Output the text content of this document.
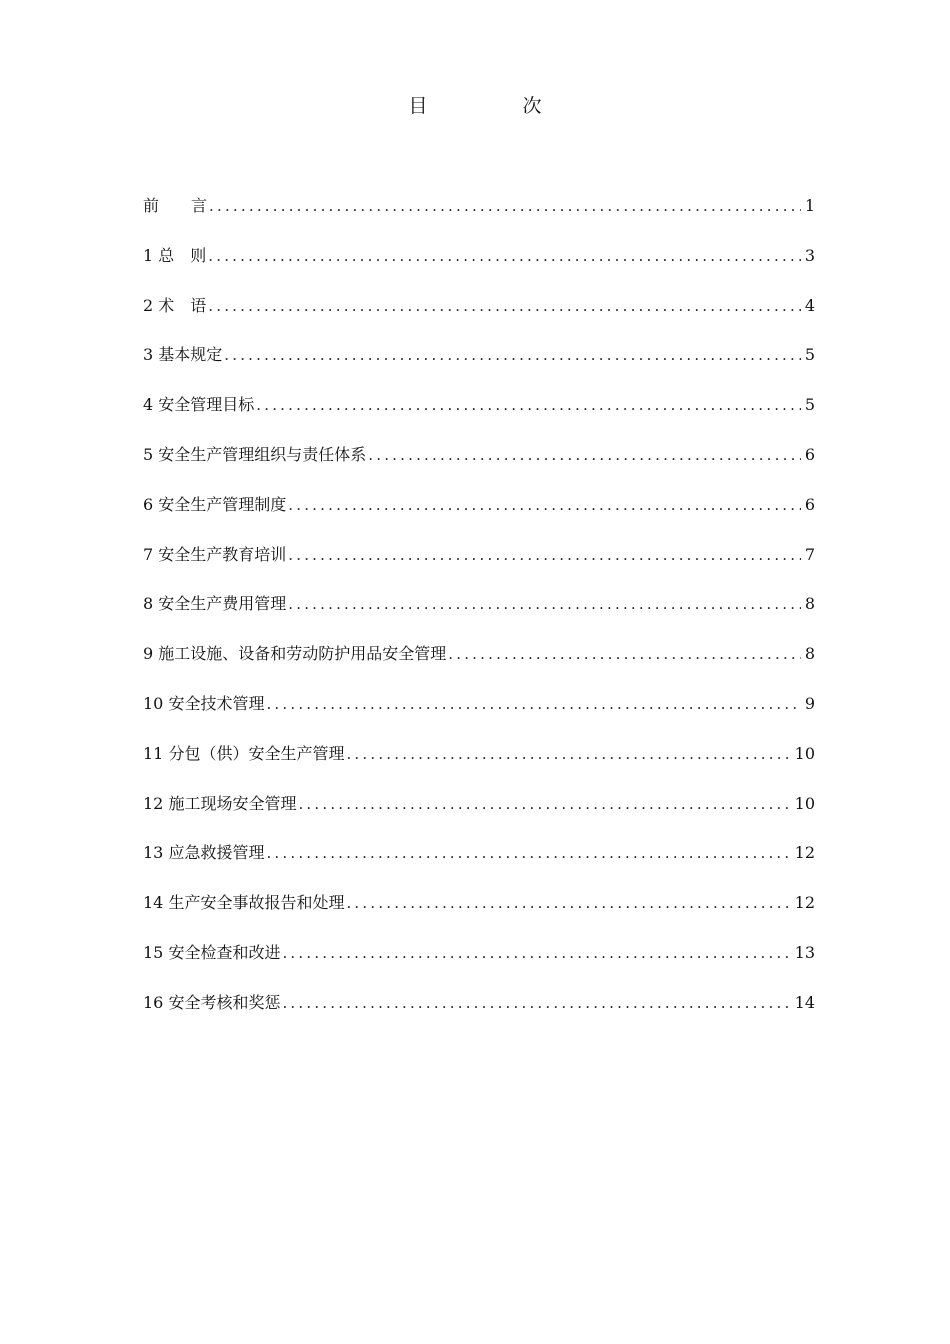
目　次
前　　言 .....	1
1 总　则 .....	3
2 术　语 .....	4
3 基本规定 .....	5
4 安全管理目标 .....	5
5 安全生产管理组织与责任体系 .....	6
6 安全生产管理制度 .....	6
7 安全生产教育培训 .....	7
8 安全生产费用管理 .....	8
9 施工设施、设备和劳动防护用品安全管理 .....	8
10 安全技术管理 .....	9
11 分包（供）安全生产管理 .....	10
12 施工现场安全管理 .....	10
13 应急救援管理 .....	12
14 生产安全事故报告和处理 .....	12
15 安全检查和改进 .....	13
16 安全考核和奖惩 .....	14
